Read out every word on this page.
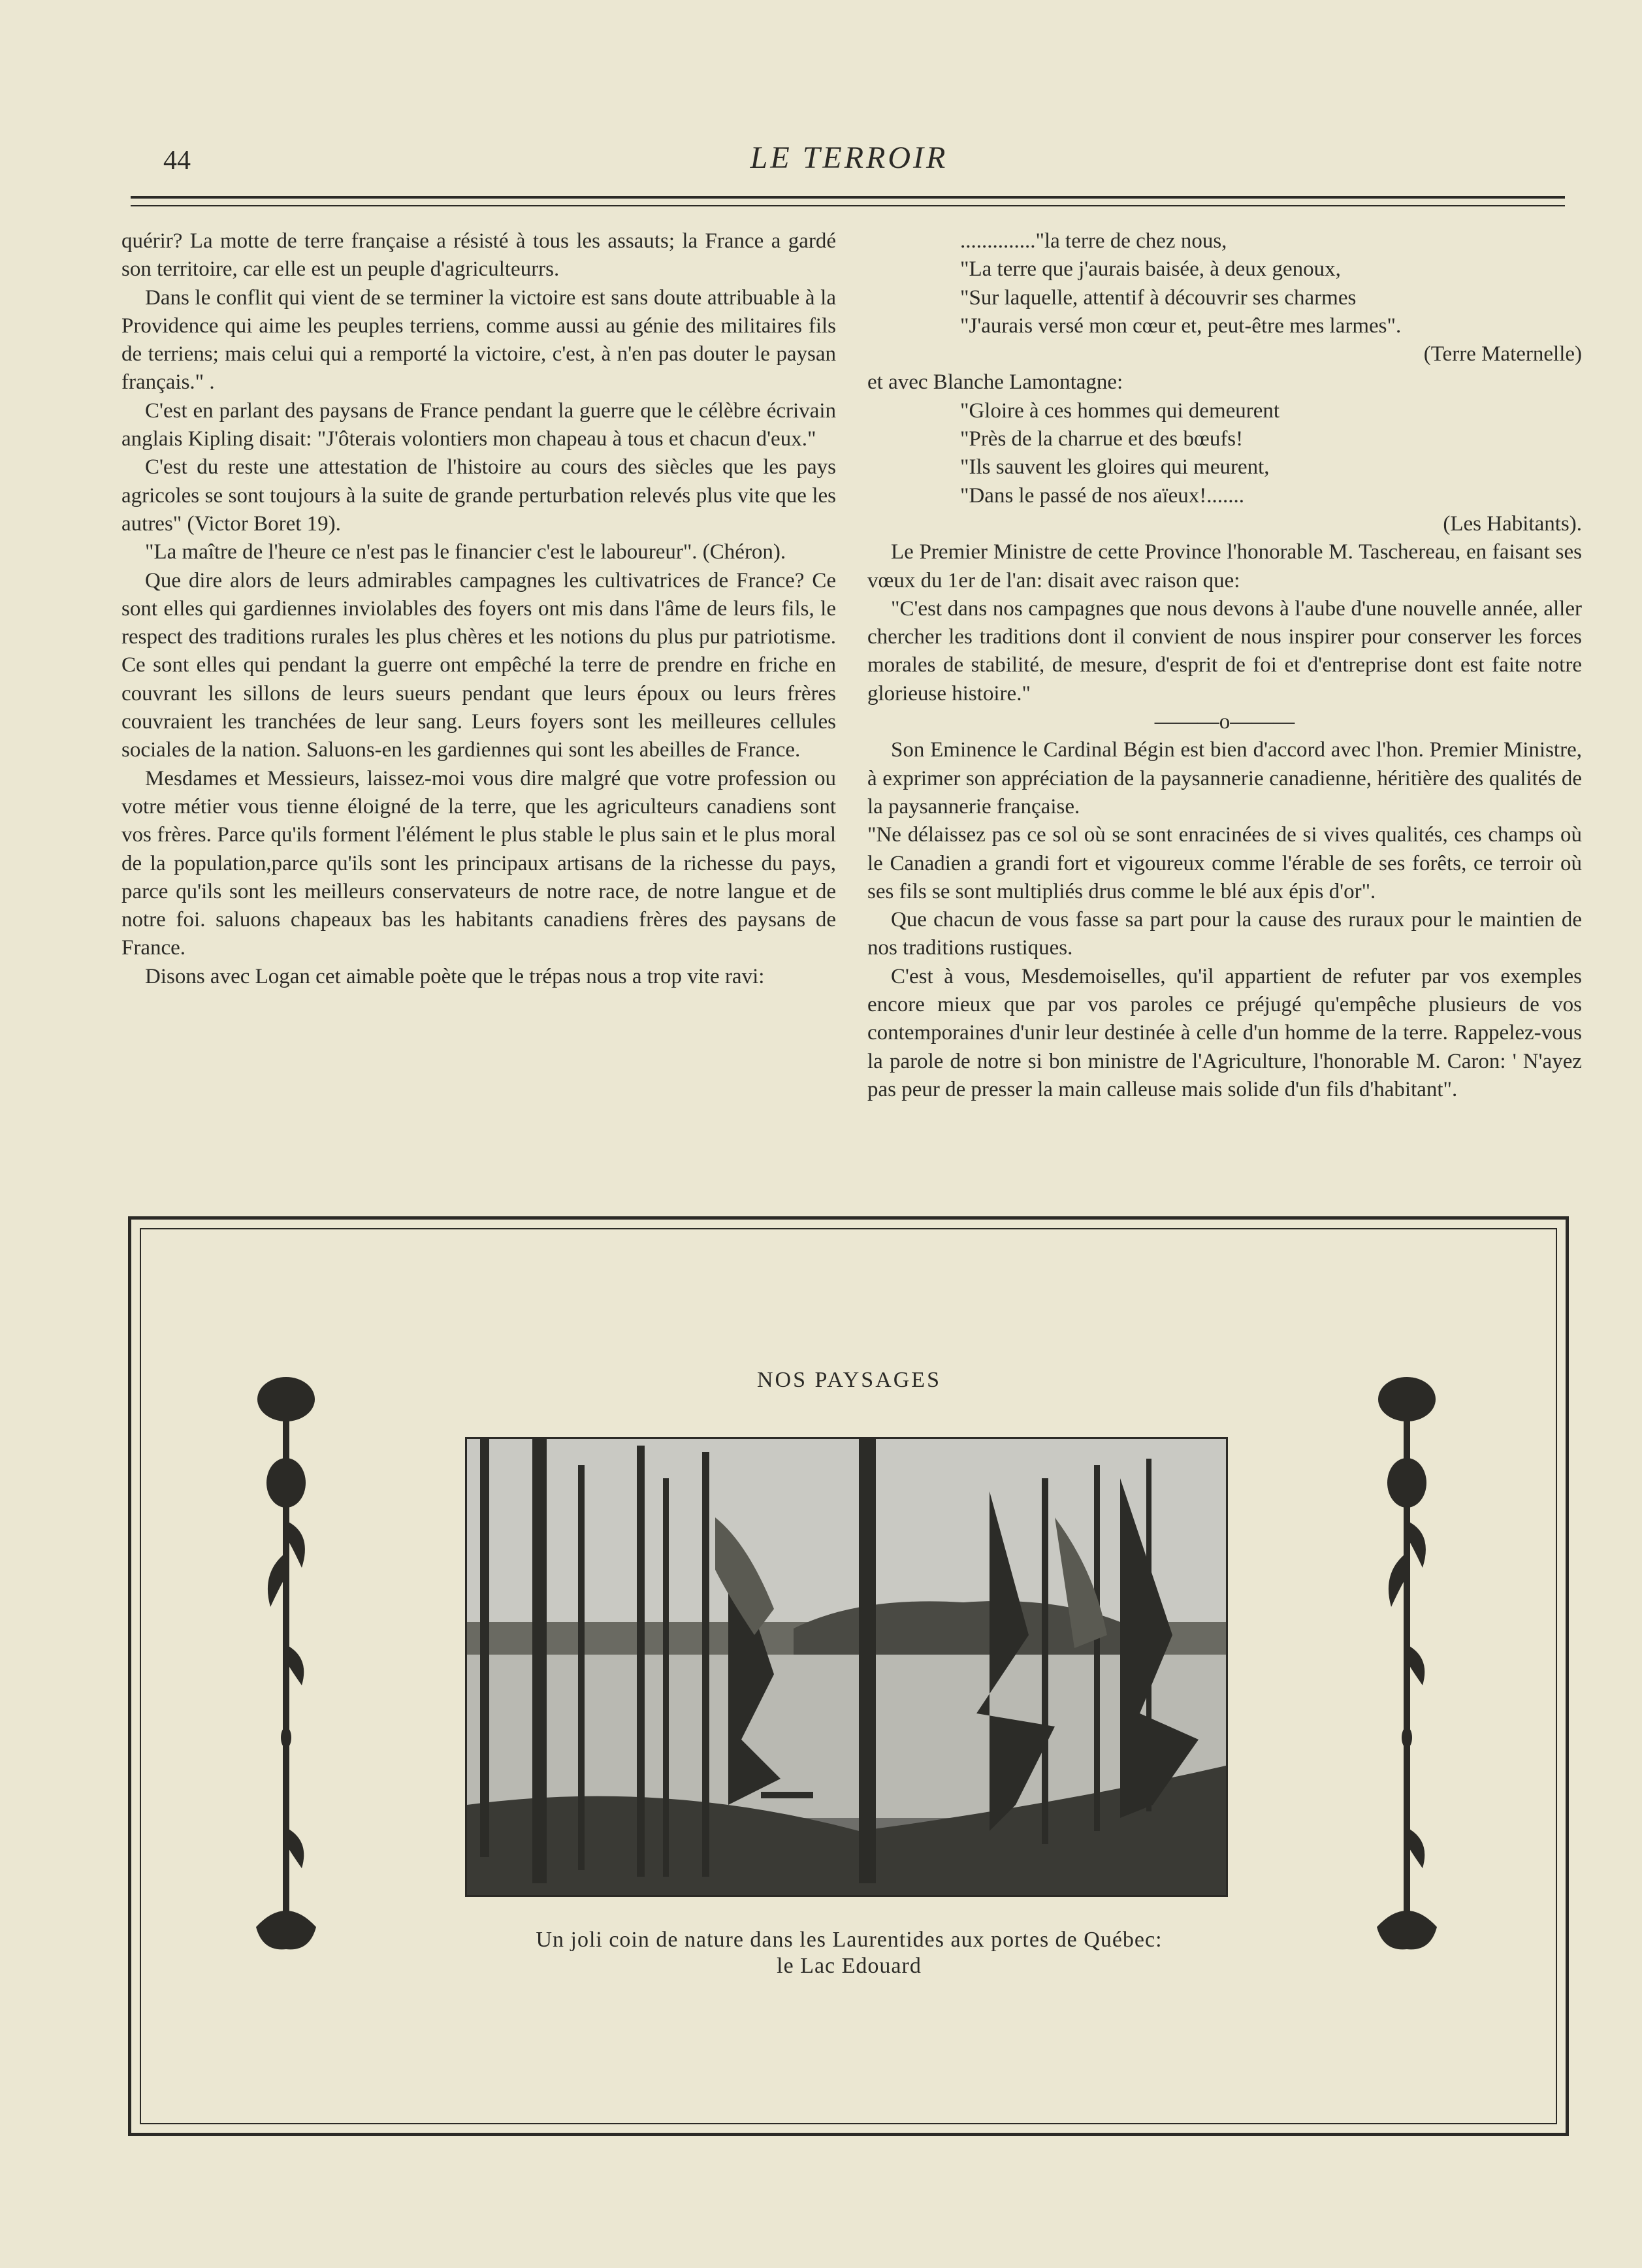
44	LE TERROIR

quérir? La motte de terre française a résisté à tous les assauts; la France a gardé son territoire, car elle est un peuple d'agriculteurrs.

Dans le conflit qui vient de se terminer la victoire est sans doute attribuable à la Providence qui aime les peuples terriens, comme aussi au génie des militaires fils de terriens; mais celui qui a remporté la victoire, c'est, à n'en pas douter le paysan français." .

C'est en parlant des paysans de France pendant la guerre que le célèbre écrivain anglais Kipling disait: "J'ôterais volontiers mon chapeau à tous et chacun d'eux."

C'est du reste une attestation de l'histoire au cours des siècles que les pays agricoles se sont toujours à la suite de grande perturbation relevés plus vite que les autres" (Victor Boret 19).

"La maître de l'heure ce n'est pas le financier c'est le laboureur". (Chéron).

Que dire alors de leurs admirables campagnes les cultivatrices de France? Ce sont elles qui gardiennes inviolables des foyers ont mis dans l'âme de leurs fils, le respect des traditions rurales les plus chères et les notions du plus pur patriotisme. Ce sont elles qui pendant la guerre ont empêché la terre de prendre en friche en couvrant les sillons de leurs sueurs pendant que leurs époux ou leurs frères couvraient les tranchées de leur sang. Leurs foyers sont les meilleures cellules sociales de la nation. Saluons-en les gardiennes qui sont les abeilles de France.

Mesdames et Messieurs, laissez-moi vous dire malgré que votre profession ou votre métier vous tienne éloigné de la terre, que les agriculteurs canadiens sont vos frères. Parce qu'ils forment l'élément le plus stable le plus sain et le plus moral de la population,parce qu'ils sont les principaux artisans de la richesse du pays, parce qu'ils sont les meilleurs conservateurs de notre race, de notre langue et de notre foi. saluons chapeaux bas les habitants canadiens frères des paysans de France.

Disons avec Logan cet aimable poète que le trépas nous a trop vite ravi:

.............."la terre de chez nous,

"La terre que j'aurais baisée, à deux genoux,

"Sur laquelle, attentif à découvrir ses charmes

"J'aurais versé mon cœur et, peut-être mes larmes".

(Terre Maternelle)

et avec Blanche Lamontagne:

"Gloire à ces hommes qui demeurent

"Près de la charrue et des bœufs!

"Ils sauvent les gloires qui meurent,

"Dans le passé de nos aïeux!.......

(Les Habitants).

Le Premier Ministre de cette Province l'honorable M. Taschereau, en faisant ses vœux du 1er de l'an: disait avec raison que:

"C'est dans nos campagnes que nous devons à l'aube d'une nouvelle année, aller chercher les traditions dont il convient de nous inspirer pour conserver les forces morales de stabilité, de mesure, d'esprit de foi et d'entreprise dont est faite notre glorieuse histoire."

———o———

Son Eminence le Cardinal Bégin est bien d'accord avec l'hon. Premier Ministre, à exprimer son appréciation de la paysannerie canadienne, héritière des qualités de la paysannerie française.

"Ne délaissez pas ce sol où se sont enracinées de si vives qualités, ces champs où le Canadien a grandi fort et vigoureux comme l'érable de ses forêts, ce terroir où ses fils se sont multipliés drus comme le blé aux épis d'or".

Que chacun de vous fasse sa part pour la cause des ruraux pour le maintien de nos traditions rustiques.

C'est à vous, Mesdemoiselles, qu'il appartient de refuter par vos exemples encore mieux que par vos paroles ce préjugé qu'empêche plusieurs de vos contemporaines d'unir leur destinée à celle d'un homme de la terre. Rappelez-vous la parole de notre si bon ministre de l'Agriculture, l'honorable M. Caron: ' N'ayez pas peur de presser la main calleuse mais solide d'un fils d'habitant".

NOS PAYSAGES
Un joli coin de nature dans les Laurentides aux portes de Québec:
le Lac Edouard
